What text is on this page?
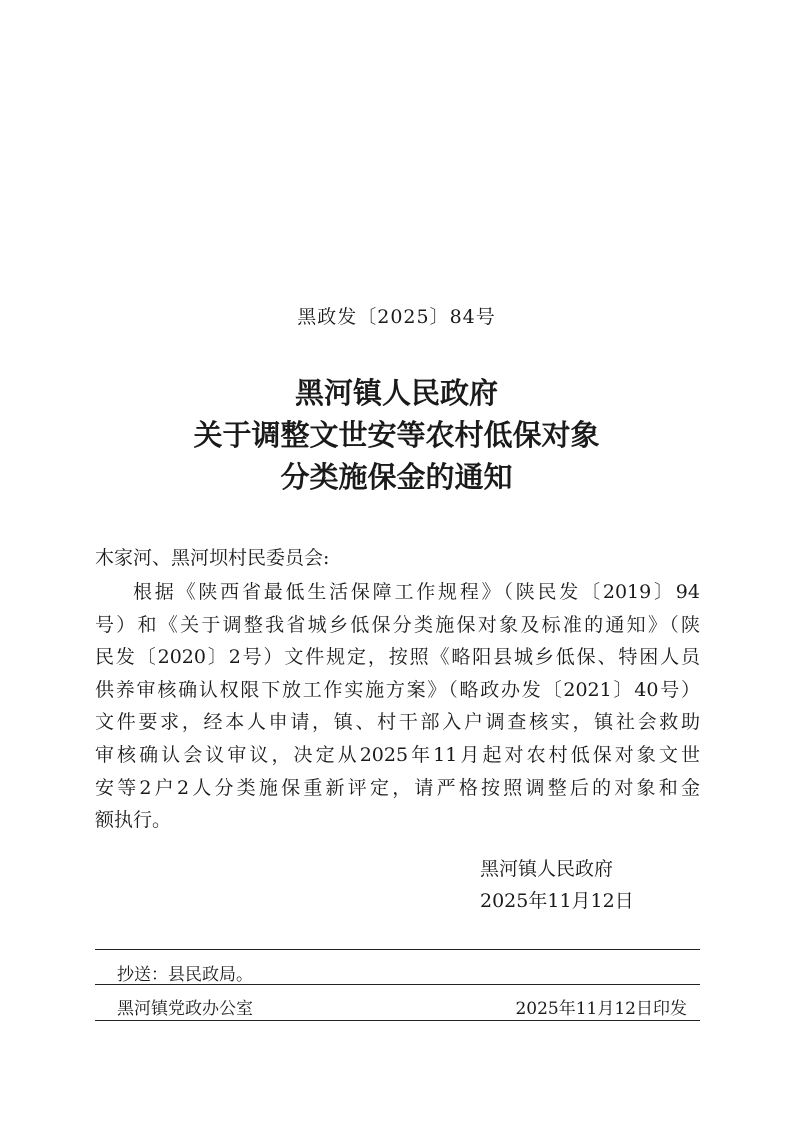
黑政发〔2025〕84号
黑河镇人民政府
关于调整文世安等农村低保对象
分类施保金的通知
木家河、黑河坝村民委员会:
根据《陕西省最低生活保障工作规程》（陕民发〔2019〕94
号）和《关于调整我省城乡低保分类施保对象及标准的通知》（陕
民发〔2020〕2号）文件规定，按照《略阳县城乡低保、特困人员
供养审核确认权限下放工作实施方案》（略政办发〔2021〕40号）
文件要求，经本人申请，镇、村干部入户调查核实，镇社会救助
审核确认会议审议，决定从2025年11月起对农村低保对象文世
安等2户2人分类施保重新评定，请严格按照调整后的对象和金
额执行。
黑河镇人民政府
2025年11月12日
抄送：县民政局。
黑河镇党政办公室	2025年11月12日印发
